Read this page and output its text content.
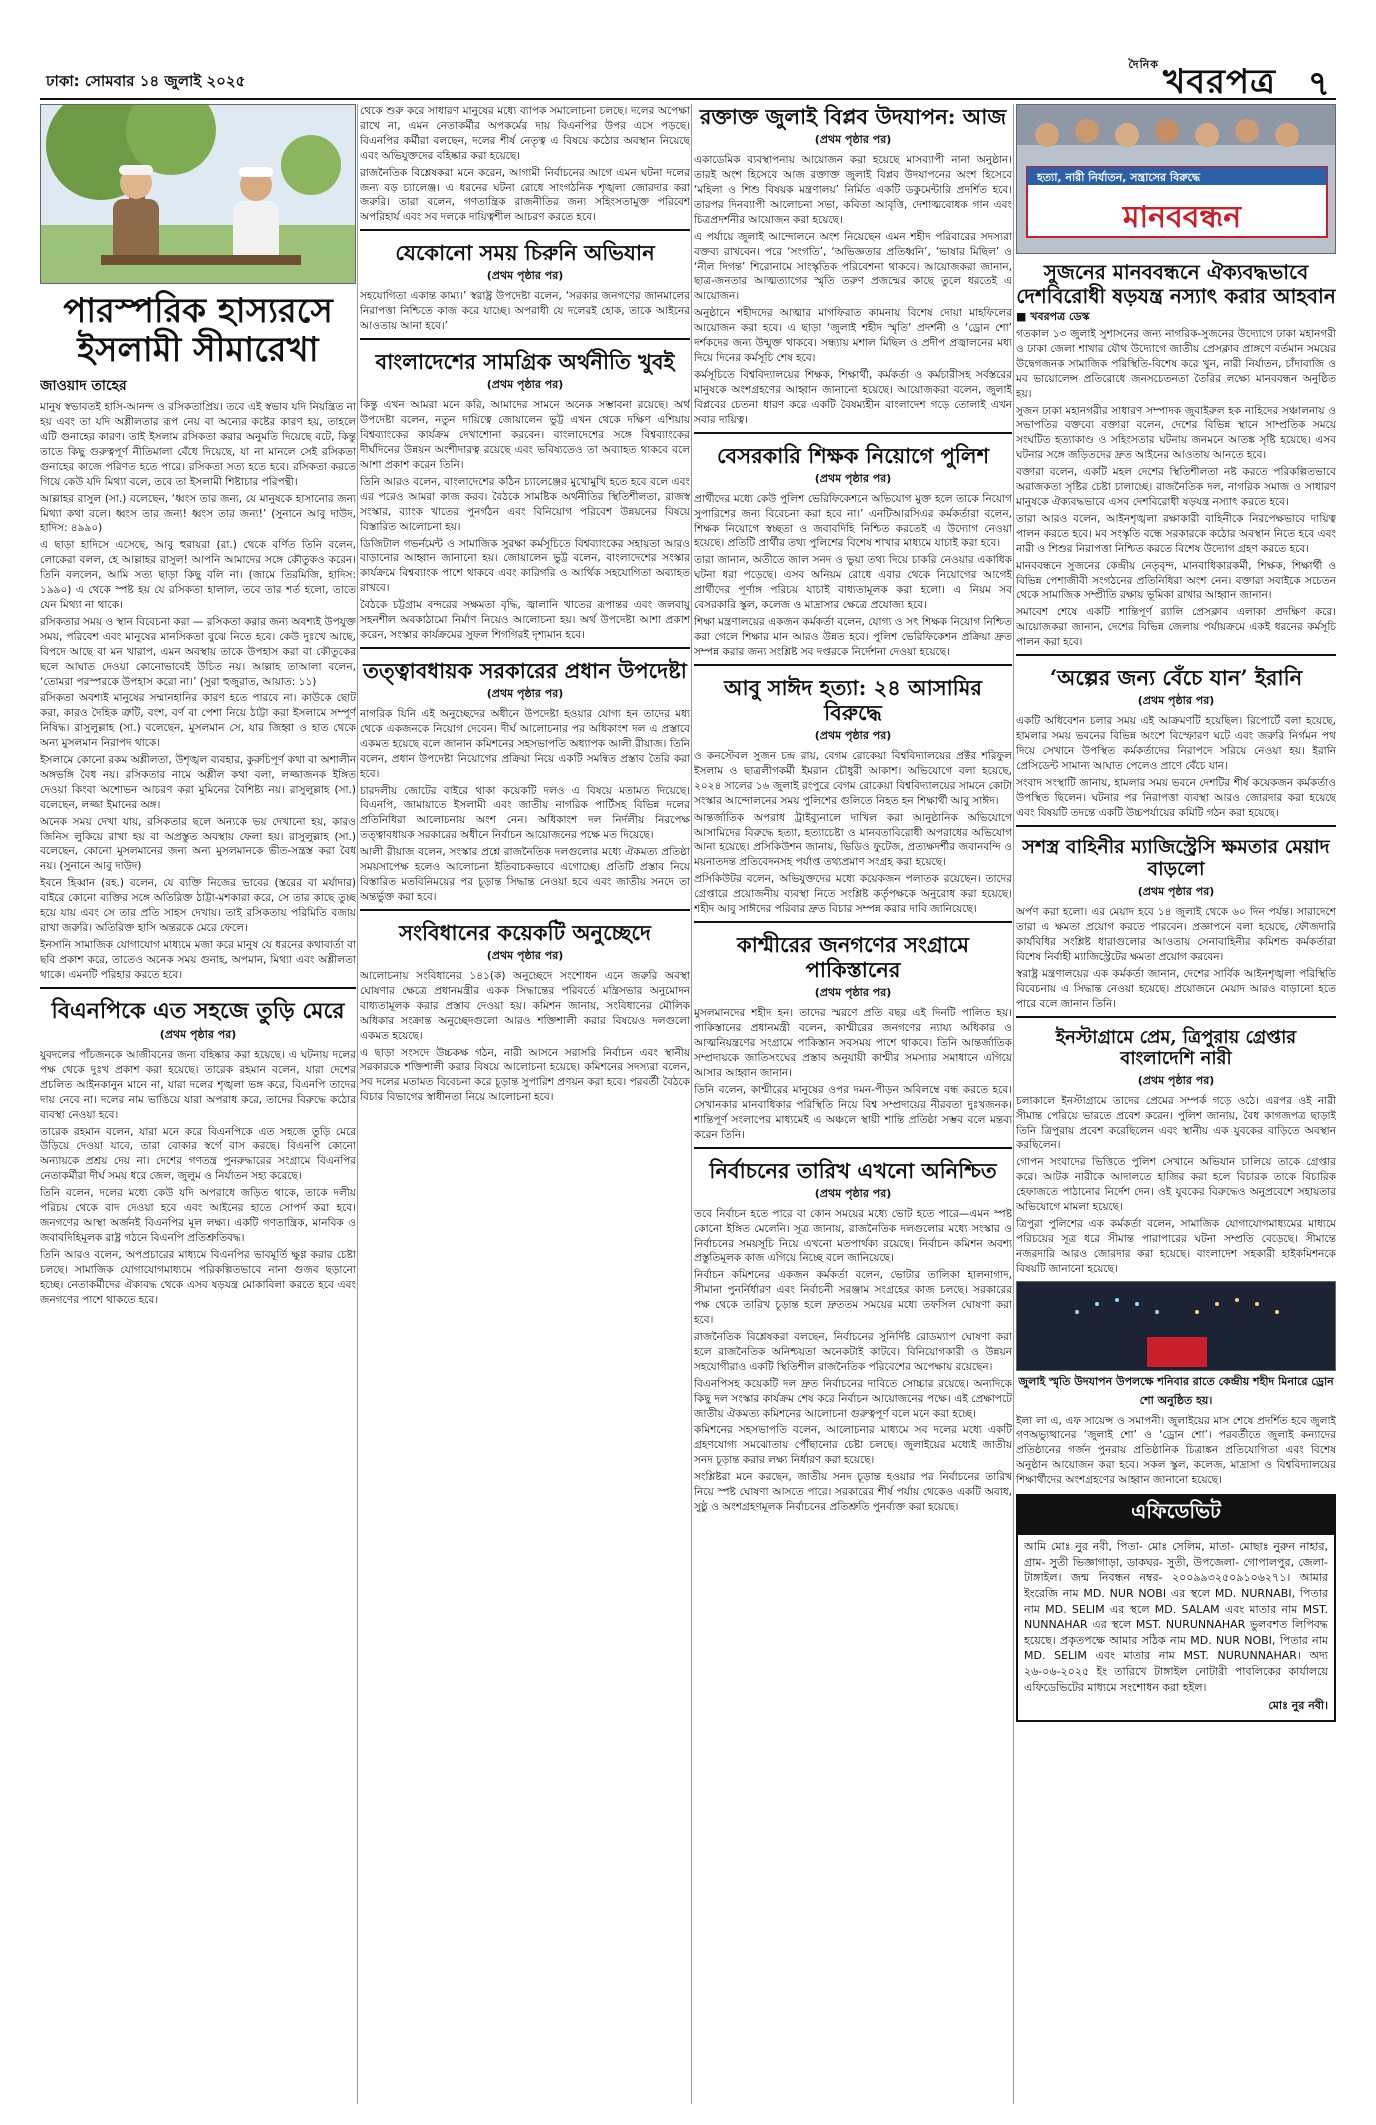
ঢাকা: সোমবার ১৪ জুলাই ২০২৫
$^{দৈনিক}$ খবরপত্র ৭
পারস্পরিক হাস্যরসে ইসলামী সীমারেখা
জাওয়াদ তাহের
মানুষ স্বভাবতই হাসি-আনন্দ ও রসিকতাপ্রিয়। তবে এই স্বভাব যদি নিয়ন্ত্রিত না হয় এবং তা যদি অশ্লীলতার রূপ নেয় বা অন্যের কষ্টের কারণ হয়, তাহলে এটি গুনাহের কারণ। তাই ইসলাম রসিকতা করার অনুমতি দিয়েছে বটে, কিন্তু তাতে কিছু গুরুত্বপূর্ণ নীতিমালা বেঁধে দিয়েছে, যা না মানলে সেই রসিকতা গুনাহের কাজে পরিণত হতে পারে। রসিকতা সত্য হতে হবে। রসিকতা করতে গিয়ে কেউ যদি মিথ্যা বলে, তবে তা ইসলামী শিষ্টাচার পরিপন্থী।
আল্লাহর রাসুল (সা.) বলেছেন, ‘ধ্বংস তার জন্য, যে মানুষকে হাসানোর জন্য মিথ্যা কথা বলে। ধ্বংস তার জন্য! ধ্বংস তার জন্য!’ (সুনানে আবু দাউদ, হাদিস: ৪৯৯০)
এ ছাড়া হাদিসে এসেছে, আবু হুরায়রা (রা.) থেকে বর্ণিত তিনি বলেন, লোকেরা বলল, হে আল্লাহর রাসুল! আপনি আমাদের সঙ্গে কৌতুকও করেন। তিনি বললেন, আমি সত্য ছাড়া কিছু বলি না। (জামে তিরমিজি, হাদিস: ১৯৯০) এ থেকে স্পষ্ট হয় যে রসিকতা হালাল, তবে তার শর্ত হলো, তাতে যেন মিথ্যা না থাকে।
রসিকতার সময় ও স্থান বিবেচনা করা — রসিকতা করার জন্য অবশ্যই উপযুক্ত সময়, পরিবেশ এবং মানুষের মানসিকতা বুঝে নিতে হবে। কেউ দুঃখে আছে, বিপদে আছে বা মন খারাপ, এমন অবস্থায় তাকে উপহাস করা বা কৌতুকের ছলে আঘাত দেওয়া কোনোভাবেই উচিত নয়। আল্লাহ তাআলা বলেন, ‘তোমরা পরস্পরকে উপহাস করো না।’ (সুরা হুজুরাত, আয়াত: ১১)
রসিকতা অবশ্যই মানুষের সম্মানহানির কারণ হতে পারবে না। কাউকে ছোট করা, কারও দৈহিক ত্রুটি, বংশ, বর্ণ বা পেশা নিয়ে ঠাট্টা করা ইসলামে সম্পূর্ণ নিষিদ্ধ। রাসুলুল্লাহ (সা.) বলেছেন, মুসলমান সে, যার জিহ্বা ও হাত থেকে অন্য মুসলমান নিরাপদ থাকে।
ইসলামে কোনো রকম অশ্লীলতা, উশৃঙ্খল ব্যবহার, কুরুচিপূর্ণ কথা বা অশালীন অঙ্গভঙ্গি বৈধ নয়। রসিকতার নামে অশ্লীল কথা বলা, লজ্জাজনক ইঙ্গিত দেওয়া কিংবা অশোভন আচরণ করা মুমিনের বৈশিষ্ট্য নয়। রাসুলুল্লাহ (সা.) বলেছেন, লজ্জা ইমানের অঙ্গ।
অনেক সময় দেখা যায়, রসিকতার ছলে অন্যকে ভয় দেখানো হয়, কারও জিনিস লুকিয়ে রাখা হয় বা অপ্রস্তুত অবস্থায় ফেলা হয়। রাসুলুল্লাহ (সা.) বলেছেন, কোনো মুসলমানের জন্য অন্য মুসলমানকে ভীত-সন্ত্রস্ত করা বৈধ নয়। (সুনানে আবু দাউদ)
ইবনে হিব্বান (রহ.) বলেন, যে ব্যক্তি নিজের ভাবের (স্তরের বা মর্যাদার) বাইরে কোনো ব্যক্তির সঙ্গে অতিরিক্ত ঠাট্টা-মশকারা করে, সে তার কাছে তুচ্ছ হয়ে যায় এবং সে তার প্রতি সাহস দেখায়। তাই রসিকতায় পরিমিতি বজায় রাখা জরুরি। অতিরিক্ত হাসি অন্তরকে মেরে ফেলে।
ইনসানি সামাজিক যোগাযোগ মাধ্যমে মজা করে মানুষ যে ধরনের কথাবার্তা বা ছবি প্রকাশ করে, তাতেও অনেক সময় গুনাহ, অপমান, মিথ্যা এবং অশ্লীলতা থাকে। এমনটি পরিহার করতে হবে।
বিএনপিকে এত সহজে তুড়ি মেরে
(প্রথম পৃষ্ঠার পর)
যুবদলের পাঁচজনকে আজীবনের জন্য বহিষ্কার করা হয়েছে। এ ঘটনায় দলের পক্ষ থেকে দুঃখ প্রকাশ করা হয়েছে। তারেক রহমান বলেন, যারা দেশের প্রচলিত আইনকানুন মানে না, যারা দলের শৃঙ্খলা ভঙ্গ করে, বিএনপি তাদের দায় নেবে না। দলের নাম ভাঙিয়ে যারা অপরাধ করে, তাদের বিরুদ্ধে কঠোর ব্যবস্থা নেওয়া হবে।
তারেক রহমান বলেন, যারা মনে করে বিএনপিকে এত সহজে তুড়ি মেরে উড়িয়ে দেওয়া যাবে, তারা বোকার স্বর্গে বাস করছে। বিএনপি কোনো অন্যায়কে প্রশ্রয় দেয় না। দেশের গণতন্ত্র পুনরুদ্ধারের সংগ্রামে বিএনপির নেতাকর্মীরা দীর্ঘ সময় ধরে জেল, জুলুম ও নির্যাতন সহ্য করেছে।
তিনি বলেন, দলের মধ্যে কেউ যদি অপরাধে জড়িত থাকে, তাকে দলীয় পরিচয় থেকে বাদ দেওয়া হবে এবং আইনের হাতে সোপর্দ করা হবে। জনগণের আস্থা অর্জনই বিএনপির মূল লক্ষ্য। একটি গণতান্ত্রিক, মানবিক ও জবাবদিহিমূলক রাষ্ট্র গঠনে বিএনপি প্রতিশ্রুতিবদ্ধ।
তিনি আরও বলেন, অপপ্রচারের মাধ্যমে বিএনপির ভাবমূর্তি ক্ষুণ্ণ করার চেষ্টা চলছে। সামাজিক যোগাযোগমাধ্যমে পরিকল্পিতভাবে নানা গুজব ছড়ানো হচ্ছে। নেতাকর্মীদের ঐক্যবদ্ধ থেকে এসব ষড়যন্ত্র মোকাবিলা করতে হবে এবং জনগণের পাশে থাকতে হবে।
থেকে শুরু করে সাধারণ মানুষের মধ্যে ব্যাপক সমালোচনা চলছে। দলের অপেক্ষা রাখে না, এমন নেতাকর্মীর অপকর্মের দায় বিএনপির উপর এসে পড়ছে। বিএনপির কর্মীরা বলছেন, দলের শীর্ষ নেতৃত্ব এ বিষয়ে কঠোর অবস্থান নিয়েছে এবং অভিযুক্তদের বহিষ্কার করা হয়েছে।
রাজনৈতিক বিশ্লেষকরা মনে করেন, আগামী নির্বাচনের আগে এমন ঘটনা দলের জন্য বড় চ্যালেঞ্জ। এ ধরনের ঘটনা রোধে সাংগঠনিক শৃঙ্খলা জোরদার করা জরুরি। তারা বলেন, গণতান্ত্রিক রাজনীতির জন্য সহিংসতামুক্ত পরিবেশ অপরিহার্য এবং সব দলকে দায়িত্বশীল আচরণ করতে হবে।
যেকোনো সময় চিরুনি অভিযান
(প্রথম পৃষ্ঠার পর)
সহযোগিতা একান্ত কাম্য।’ স্বরাষ্ট্র উপদেষ্টা বলেন, ‘সরকার জনগণের জানমালের নিরাপত্তা নিশ্চিতে কাজ করে যাচ্ছে। অপরাধী যে দলেরই হোক, তাকে আইনের আওতায় আনা হবে।’
বাংলাদেশের সামগ্রিক অর্থনীতি খুবই
(প্রথম পৃষ্ঠার পর)
কিন্তু এখন আমরা মনে করি, আমাদের সামনে অনেক সম্ভাবনা রয়েছে। অর্থ উপদেষ্টা বলেন, নতুন দায়িত্বে জোয়ালেন ভুট্ট এখন থেকে দক্ষিণ এশিয়ায় বিশ্বব্যাংকের কার্যক্রম দেখাশোনা করবেন। বাংলাদেশের সঙ্গে বিশ্বব্যাংকের দীর্ঘদিনের উন্নয়ন অংশীদারত্ব রয়েছে এবং ভবিষ্যতেও তা অব্যাহত থাকবে বলে আশা প্রকাশ করেন তিনি।
তিনি আরও বলেন, বাংলাদেশের কঠিন চ্যালেঞ্জের মুখোমুখি হতে হবে বলে এবং এর পরেও আমরা কাজ করব। বৈঠকে সামষ্টিক অর্থনীতির স্থিতিশীলতা, রাজস্ব সংস্কার, ব্যাংক খাতের পুনর্গঠন এবং বিনিয়োগ পরিবেশ উন্নয়নের বিষয়ে বিস্তারিত আলোচনা হয়।
ডিজিটাল গভর্নমেন্ট ও সামাজিক সুরক্ষা কর্মসূচিতে বিশ্বব্যাংকের সহায়তা আরও বাড়ানোর আহ্বান জানানো হয়। জোয়ালেন ভুট্ট বলেন, বাংলাদেশের সংস্কার কার্যক্রমে বিশ্বব্যাংক পাশে থাকবে এবং কারিগরি ও আর্থিক সহযোগিতা অব্যাহত রাখবে।
বৈঠকে চট্টগ্রাম বন্দরের সক্ষমতা বৃদ্ধি, জ্বালানি খাতের রূপান্তর এবং জলবায়ু সহনশীল অবকাঠামো নির্মাণ নিয়েও আলোচনা হয়। অর্থ উপদেষ্টা আশা প্রকাশ করেন, সংস্কার কার্যক্রমের সুফল শিগগিরই দৃশ্যমান হবে।
তত্ত্বাবধায়ক সরকারের প্রধান উপদেষ্টা
(প্রথম পৃষ্ঠার পর)
নাগরিক যিনি এই অনুচ্ছেদের অধীনে উপদেষ্টা হওয়ার যোগ্য হন তাদের মধ্য থেকে একজনকে নিয়োগ দেবেন। দীর্ঘ আলোচনার পর অধিকাংশ দল এ প্রস্তাবে একমত হয়েছে বলে জানান কমিশনের সহসভাপতি অধ্যাপক আলী রীয়াজ। তিনি বলেন, প্রধান উপদেষ্টা নিয়োগের প্রক্রিয়া নিয়ে একটি সমন্বিত প্রস্তাব তৈরি করা হবে।
চারদলীয় জোটের বাইরে থাকা কয়েকটি দলও এ বিষয়ে মতামত দিয়েছে। বিএনপি, জামায়াতে ইসলামী এবং জাতীয় নাগরিক পার্টিসহ বিভিন্ন দলের প্রতিনিধিরা আলোচনায় অংশ নেন। অধিকাংশ দল নির্দলীয় নিরপেক্ষ তত্ত্বাবধায়ক সরকারের অধীনে নির্বাচন আয়োজনের পক্ষে মত দিয়েছে।
আলী রীয়াজ বলেন, সংস্কার প্রশ্নে রাজনৈতিক দলগুলোর মধ্যে ঐকমত্য প্রতিষ্ঠা সময়সাপেক্ষ হলেও আলোচনা ইতিবাচকভাবে এগোচ্ছে। প্রতিটি প্রস্তাব নিয়ে বিস্তারিত মতবিনিময়ের পর চূড়ান্ত সিদ্ধান্ত নেওয়া হবে এবং জাতীয় সনদে তা অন্তর্ভুক্ত করা হবে।
সংবিধানের কয়েকটি অনুচ্ছেদে
(প্রথম পৃষ্ঠার পর)
আলোচনায় সংবিধানের ১৪১(ক) অনুচ্ছেদে সংশোধন এনে জরুরি অবস্থা ঘোষণার ক্ষেত্রে প্রধানমন্ত্রীর একক সিদ্ধান্তের পরিবর্তে মন্ত্রিসভার অনুমোদন বাধ্যতামূলক করার প্রস্তাব দেওয়া হয়। কমিশন জানায়, সংবিধানের মৌলিক অধিকার সংক্রান্ত অনুচ্ছেদগুলো আরও শক্তিশালী করার বিষয়েও দলগুলো একমত হয়েছে।
এ ছাড়া সংসদে উচ্চকক্ষ গঠন, নারী আসনে সরাসরি নির্বাচন এবং স্থানীয় সরকারকে শক্তিশালী করার বিষয়ে আলোচনা হয়েছে। কমিশনের সদস্যরা বলেন, সব দলের মতামত বিবেচনা করে চূড়ান্ত সুপারিশ প্রণয়ন করা হবে। পরবর্তী বৈঠকে বিচার বিভাগের স্বাধীনতা নিয়ে আলোচনা হবে।
রক্তাক্ত জুলাই বিপ্লব উদযাপন: আজ
(প্রথম পৃষ্ঠার পর)
একাডেমিক ব্যবস্থাপনায় আয়োজন করা হয়েছে মাসব্যাপী নানা অনুষ্ঠান। তারই অংশ হিসেবে আজ রক্তাক্ত জুলাই বিপ্লব উদযাপনের অংশ হিসেবে ‘মহিলা ও শিশু বিষয়ক মন্ত্রণালয়’ নির্মিত একটি ডকুমেন্টারি প্রদর্শিত হবে। তারপর দিনব্যাপী আলোচনা সভা, কবিতা আবৃত্তি, দেশাত্মবোধক গান এবং চিত্রপ্রদর্শনীর আয়োজন করা হয়েছে।
এ পর্যায়ে জুলাই আন্দোলনে অংশ নিয়েছেন এমন শহীদ পরিবারের সদস্যরা বক্তব্য রাখবেন। পরে ‘সংগতি’, ‘অভিজ্ঞতার প্রতিধ্বনি’, ‘ভাষার মিছিল’ ও ‘নীল দিগন্ত’ শিরোনামে সাংস্কৃতিক পরিবেশনা থাকবে। আয়োজকরা জানান, ছাত্র-জনতার আত্মত্যাগের স্মৃতি তরুণ প্রজন্মের কাছে তুলে ধরতেই এ আয়োজন।
অনুষ্ঠানে শহীদদের আত্মার মাগফিরাত কামনায় বিশেষ দোয়া মাহফিলের আয়োজন করা হবে। এ ছাড়া ‘জুলাই শহীদ স্মৃতি’ প্রদর্শনী ও ‘ড্রোন শো’ দর্শকদের জন্য উন্মুক্ত থাকবে। সন্ধ্যায় মশাল মিছিল ও প্রদীপ প্রজ্বালনের মধ্য দিয়ে দিনের কর্মসূচি শেষ হবে।
কর্মসূচিতে বিশ্ববিদ্যালয়ের শিক্ষক, শিক্ষার্থী, কর্মকর্তা ও কর্মচারীসহ সর্বস্তরের মানুষকে অংশগ্রহণের আহ্বান জানানো হয়েছে। আয়োজকরা বলেন, জুলাই বিপ্লবের চেতনা ধারণ করে একটি বৈষম্যহীন বাংলাদেশ গড়ে তোলাই এখন সবার দায়িত্ব।
বেসরকারি শিক্ষক নিয়োগে পুলিশ
(প্রথম পৃষ্ঠার পর)
প্রার্থীদের মধ্যে কেউ পুলিশ ভেরিফিকেশনে অভিযোগ মুক্ত হলে তাকে নিয়োগ সুপারিশের জন্য বিবেচনা করা হবে না।’ এনটিআরসিএর কর্মকর্তারা বলেন, শিক্ষক নিয়োগে স্বচ্ছতা ও জবাবদিহি নিশ্চিত করতেই এ উদ্যোগ নেওয়া হয়েছে। প্রতিটি প্রার্থীর তথ্য পুলিশের বিশেষ শাখার মাধ্যমে যাচাই করা হবে।
তারা জানান, অতীতে জাল সনদ ও ভুয়া তথ্য দিয়ে চাকরি নেওয়ার একাধিক ঘটনা ধরা পড়েছে। এসব অনিয়ম রোধে এবার থেকে নিয়োগের আগেই প্রার্থীদের পূর্ণাঙ্গ পরিচয় যাচাই বাধ্যতামূলক করা হলো। এ নিয়ম সব বেসরকারি স্কুল, কলেজ ও মাদ্রাসার ক্ষেত্রে প্রযোজ্য হবে।
শিক্ষা মন্ত্রণালয়ের একজন কর্মকর্তা বলেন, যোগ্য ও সৎ শিক্ষক নিয়োগ নিশ্চিত করা গেলে শিক্ষার মান আরও উন্নত হবে। পুলিশ ভেরিফিকেশন প্রক্রিয়া দ্রুত সম্পন্ন করার জন্য সংশ্লিষ্ট সব দপ্তরকে নির্দেশনা দেওয়া হয়েছে।
আবু সাঈদ হত্যা: ২৪ আসামির বিরুদ্ধে
(প্রথম পৃষ্ঠার পর)
ও কনস্টেবল সুজন চন্দ্র রায়, বেগম রোকেয়া বিশ্ববিদ্যালয়ের প্রক্টর শরিফুল ইসলাম ও ছাত্রলীগকর্মী ইমরান চৌধুরী আকাশ। অভিযোগে বলা হয়েছে, ২০২৪ সালের ১৬ জুলাই রংপুরে বেগম রোকেয়া বিশ্ববিদ্যালয়ের সামনে কোটা সংস্কার আন্দোলনের সময় পুলিশের গুলিতে নিহত হন শিক্ষার্থী আবু সাঈদ।
আন্তর্জাতিক অপরাধ ট্রাইব্যুনালে দাখিল করা আনুষ্ঠানিক অভিযোগে আসামিদের বিরুদ্ধে হত্যা, হত্যাচেষ্টা ও মানবতাবিরোধী অপরাধের অভিযোগ আনা হয়েছে। প্রসিকিউশন জানায়, ভিডিও ফুটেজ, প্রত্যক্ষদর্শীর জবানবন্দি ও ময়নাতদন্ত প্রতিবেদনসহ পর্যাপ্ত তথ্যপ্রমাণ সংগ্রহ করা হয়েছে।
প্রসিকিউটর বলেন, অভিযুক্তদের মধ্যে কয়েকজন পলাতক রয়েছেন। তাদের গ্রেপ্তারে প্রয়োজনীয় ব্যবস্থা নিতে সংশ্লিষ্ট কর্তৃপক্ষকে অনুরোধ করা হয়েছে। শহীদ আবু সাঈদের পরিবার দ্রুত বিচার সম্পন্ন করার দাবি জানিয়েছে।
কাশ্মীরের জনগণের সংগ্রামে পাকিস্তানের
(প্রথম পৃষ্ঠার পর)
মুসলমানদের শহীদ হন। তাদের স্মরণে প্রতি বছর এই দিনটি পালিত হয়। পাকিস্তানের প্রধানমন্ত্রী বলেন, কাশ্মীরের জনগণের ন্যায্য অধিকার ও আত্মনিয়ন্ত্রণের সংগ্রামে পাকিস্তান সবসময় পাশে থাকবে। তিনি আন্তর্জাতিক সম্প্রদায়কে জাতিসংঘের প্রস্তাব অনুযায়ী কাশ্মীর সমস্যার সমাধানে এগিয়ে আসার আহ্বান জানান।
তিনি বলেন, কাশ্মীরের মানুষের ওপর দমন-পীড়ন অবিলম্বে বন্ধ করতে হবে। সেখানকার মানবাধিকার পরিস্থিতি নিয়ে বিশ্ব সম্প্রদায়ের নীরবতা দুঃখজনক। শান্তিপূর্ণ সংলাপের মাধ্যমেই এ অঞ্চলে স্থায়ী শান্তি প্রতিষ্ঠা সম্ভব বলে মন্তব্য করেন তিনি।
নির্বাচনের তারিখ এখনো অনিশ্চিত
(প্রথম পৃষ্ঠার পর)
তবে নির্বাচন হতে পারে বা কোন সময়ের মধ্যে ভোট হতে পারে—এমন স্পষ্ট কোনো ইঙ্গিত মেলেনি। সূত্র জানায়, রাজনৈতিক দলগুলোর মধ্যে সংস্কার ও নির্বাচনের সময়সূচি নিয়ে এখনো মতপার্থক্য রয়েছে। নির্বাচন কমিশন অবশ্য প্রস্তুতিমূলক কাজ এগিয়ে নিচ্ছে বলে জানিয়েছে।
নির্বাচন কমিশনের একজন কর্মকর্তা বলেন, ভোটার তালিকা হালনাগাদ, সীমানা পুনর্নির্ধারণ এবং নির্বাচনী সরঞ্জাম সংগ্রহের কাজ চলছে। সরকারের পক্ষ থেকে তারিখ চূড়ান্ত হলে দ্রুততম সময়ের মধ্যে তফসিল ঘোষণা করা হবে।
রাজনৈতিক বিশ্লেষকরা বলছেন, নির্বাচনের সুনির্দিষ্ট রোডম্যাপ ঘোষণা করা হলে রাজনৈতিক অনিশ্চয়তা অনেকটাই কাটবে। বিনিয়োগকারী ও উন্নয়ন সহযোগীরাও একটি স্থিতিশীল রাজনৈতিক পরিবেশের অপেক্ষায় রয়েছেন।
বিএনপিসহ কয়েকটি দল দ্রুত নির্বাচনের দাবিতে সোচ্চার রয়েছে। অন্যদিকে কিছু দল সংস্কার কার্যক্রম শেষ করে নির্বাচন আয়োজনের পক্ষে। এই প্রেক্ষাপটে জাতীয় ঐকমত্য কমিশনের আলোচনা গুরুত্বপূর্ণ বলে মনে করা হচ্ছে।
কমিশনের সহসভাপতি বলেন, আলোচনার মাধ্যমে সব দলের মধ্যে একটি গ্রহণযোগ্য সমঝোতায় পৌঁছানোর চেষ্টা চলছে। জুলাইয়ের মধ্যেই জাতীয় সনদ চূড়ান্ত করার লক্ষ্য নির্ধারণ করা হয়েছে।
সংশ্লিষ্টরা মনে করছেন, জাতীয় সনদ চূড়ান্ত হওয়ার পর নির্বাচনের তারিখ নিয়ে স্পষ্ট ঘোষণা আসতে পারে। সরকারের শীর্ষ পর্যায় থেকেও একটি অবাধ, সুষ্ঠু ও অংশগ্রহণমূলক নির্বাচনের প্রতিশ্রুতি পুনর্ব্যক্ত করা হয়েছে।
হত্যা, নারী নির্যাতন, সন্ত্রাসের বিরুদ্ধে
মানববন্ধন
সুজনের মানববন্ধনে ঐক্যবদ্ধভাবে দেশবিরোধী ষড়যন্ত্র নস্যাৎ করার আহবান
■ খবরপত্র ডেস্ক
গতকাল ১৩ জুলাই সুশাসনের জন্য নাগরিক-সুজনের উদ্যোগে ঢাকা মহানগরী ও ঢাকা জেলা শাখার যৌথ উদ্যোগে জাতীয় প্রেসক্লাব প্রাঙ্গণে বর্তমান সময়ের উদ্বেগজনক সামাজিক পরিস্থিতি-বিশেষ করে খুন, নারী নির্যাতন, চাঁদাবাজি ও মব ভায়োলেন্স প্রতিরোধে জনসচেতনতা তৈরির লক্ষ্যে মানববন্ধন অনুষ্ঠিত হয়।
সুজন ঢাকা মহানগরীর সাধারণ সম্পাদক জুবাইরুল হক নাহিদের সঞ্চালনায় ও সভাপতির বক্তব্যে বক্তারা বলেন, দেশের বিভিন্ন স্থানে সাম্প্রতিক সময়ে সংঘটিত হত্যাকাণ্ড ও সহিংসতার ঘটনায় জনমনে আতঙ্ক সৃষ্টি হয়েছে। এসব ঘটনার সঙ্গে জড়িতদের দ্রুত আইনের আওতায় আনতে হবে।
বক্তারা বলেন, একটি মহল দেশের স্থিতিশীলতা নষ্ট করতে পরিকল্পিতভাবে অরাজকতা সৃষ্টির চেষ্টা চালাচ্ছে। রাজনৈতিক দল, নাগরিক সমাজ ও সাধারণ মানুষকে ঐক্যবদ্ধভাবে এসব দেশবিরোধী ষড়যন্ত্র নস্যাৎ করতে হবে।
তারা আরও বলেন, আইনশৃঙ্খলা রক্ষাকারী বাহিনীকে নিরপেক্ষভাবে দায়িত্ব পালন করতে হবে। মব সংস্কৃতি বন্ধে সরকারকে কঠোর অবস্থান নিতে হবে এবং নারী ও শিশুর নিরাপত্তা নিশ্চিত করতে বিশেষ উদ্যোগ গ্রহণ করতে হবে।
মানববন্ধনে সুজনের কেন্দ্রীয় নেতৃবৃন্দ, মানবাধিকারকর্মী, শিক্ষক, শিক্ষার্থী ও বিভিন্ন পেশাজীবী সংগঠনের প্রতিনিধিরা অংশ নেন। বক্তারা সবাইকে সচেতন থেকে সামাজিক সম্প্রীতি রক্ষায় ভূমিকা রাখার আহ্বান জানান।
সমাবেশ শেষে একটি শান্তিপূর্ণ র‍্যালি প্রেসক্লাব এলাকা প্রদক্ষিণ করে। আয়োজকরা জানান, দেশের বিভিন্ন জেলায় পর্যায়ক্রমে একই ধরনের কর্মসূচি পালন করা হবে।
‘অল্পের জন্য বেঁচে যান’ ইরানি
(প্রথম পৃষ্ঠার পর)
একটি অধিবেশন চলার সময় এই আক্রমণটি হয়েছিল। রিপোর্টে বলা হয়েছে, হামলার সময় ভবনের বিভিন্ন অংশে বিস্ফোরণ ঘটে এবং জরুরি নির্গমন পথ দিয়ে সেখানে উপস্থিত কর্মকর্তাদের নিরাপদে সরিয়ে নেওয়া হয়। ইরানি প্রেসিডেন্ট সামান্য আঘাত পেলেও প্রাণে বেঁচে যান।
সংবাদ সংস্থাটি জানায়, হামলার সময় ভবনে দেশটির শীর্ষ কয়েকজন কর্মকর্তাও উপস্থিত ছিলেন। ঘটনার পর নিরাপত্তা ব্যবস্থা আরও জোরদার করা হয়েছে এবং বিষয়টি তদন্তে একটি উচ্চপর্যায়ের কমিটি গঠন করা হয়েছে।
সশস্ত্র বাহিনীর ম্যাজিস্ট্রেসি ক্ষমতার মেয়াদ বাড়লো
(প্রথম পৃষ্ঠার পর)
অর্পণ করা হলো। এর মেয়াদ হবে ১৪ জুলাই থেকে ৬০ দিন পর্যন্ত। সারাদেশে তারা এ ক্ষমতা প্রয়োগ করতে পারবেন। প্রজ্ঞাপনে বলা হয়েছে, ফৌজদারি কার্যবিধির সংশ্লিষ্ট ধারাগুলোর আওতায় সেনাবাহিনীর কমিশন্ড কর্মকর্তারা বিশেষ নির্বাহী ম্যাজিস্ট্রেটের ক্ষমতা প্রয়োগ করবেন।
স্বরাষ্ট্র মন্ত্রণালয়ের এক কর্মকর্তা জানান, দেশের সার্বিক আইনশৃঙ্খলা পরিস্থিতি বিবেচনায় এ সিদ্ধান্ত নেওয়া হয়েছে। প্রয়োজনে মেয়াদ আরও বাড়ানো হতে পারে বলে জানান তিনি।
ইনস্টাগ্রামে প্রেম, ত্রিপুরায় গ্রেপ্তার বাংলাদেশি নারী
(প্রথম পৃষ্ঠার পর)
চলাকালে ইনস্টাগ্রামে তাদের প্রেমের সম্পর্ক গড়ে ওঠে। এরপর ওই নারী সীমান্ত পেরিয়ে ভারতে প্রবেশ করেন। পুলিশ জানায়, বৈধ কাগজপত্র ছাড়াই তিনি ত্রিপুরায় প্রবেশ করেছিলেন এবং স্থানীয় এক যুবকের বাড়িতে অবস্থান করছিলেন।
গোপন সংবাদের ভিত্তিতে পুলিশ সেখানে অভিযান চালিয়ে তাকে গ্রেপ্তার করে। আটক নারীকে আদালতে হাজির করা হলে বিচারক তাকে বিচারিক হেফাজতে পাঠানোর নির্দেশ দেন। ওই যুবকের বিরুদ্ধেও অনুপ্রবেশে সহায়তার অভিযোগে মামলা হয়েছে।
ত্রিপুরা পুলিশের এক কর্মকর্তা বলেন, সামাজিক যোগাযোগমাধ্যমের মাধ্যমে পরিচয়ের সূত্র ধরে সীমান্ত পারাপারের ঘটনা সম্প্রতি বেড়েছে। সীমান্তে নজরদারি আরও জোরদার করা হয়েছে। বাংলাদেশ সহকারী হাইকমিশনকে বিষয়টি জানানো হয়েছে।
জুলাই স্মৃতি উদযাপন উপলক্ষে শনিবার রাতে কেন্দ্রীয় শহীদ মিনারে ড্রোন শো অনুষ্ঠিত হয়।
ইলা লা এ, এফ সায়েন্স ও সমাপনী। জুলাইয়ের মাস শেষে প্রদর্শিত হবে জুলাই গণঅভ্যুত্থানের ‘জুলাই শো’ ও ‘ড্রোন শো’। পরবর্তীতে জুলাই কন্যাদের প্রতিষ্ঠানের গর্জন পুনরায় প্রতিষ্ঠানিক চিত্রাঙ্কন প্রতিযোগিতা এবং বিশেষ অনুষ্ঠান আয়োজন করা হবে। সকল স্কুল, কলেজ, মাদ্রাসা ও বিশ্ববিদ্যালয়ের শিক্ষার্থীদের অংশগ্রহণের আহ্বান জানানো হয়েছে।
এফিডেভিট
আমি মোঃ নুর নবী, পিতা- মোঃ সেলিম, মাতা- মোছাঃ নুরুন নাহার, গ্রাম- সুতী ভিজ্ঞাগাড়া, ডাকঘর- সুতী, উপজেলা- গোপালপুর, জেলা- টাঙ্গাইল। জন্ম নিবন্ধন নম্বর- ২০০৯৯৩২৫০৯১০৬২৭১। আমার ইংরেজি নাম MD. NUR NOBI এর স্থলে MD. NURNABI, পিতার নাম MD. SELIM এর স্থলে MD. SALAM এবং মাতার নাম MST. NUNNAHAR এর স্থলে MST. NURUNNAHAR ভুলবশত লিপিবদ্ধ হয়েছে। প্রকৃতপক্ষে আমার সঠিক নাম MD. NUR NOBI, পিতার নাম MD. SELIM এবং মাতার নাম MST. NURUNNAHAR। অদ্য ২৬-০৬-২০২৫ ইং তারিখে টাঙ্গাইল নোটারী পাবলিকের কার্যালয়ে এফিডেভিটের মাধ্যমে সংশোধন করা হইল।
মোঃ নুর নবী।
